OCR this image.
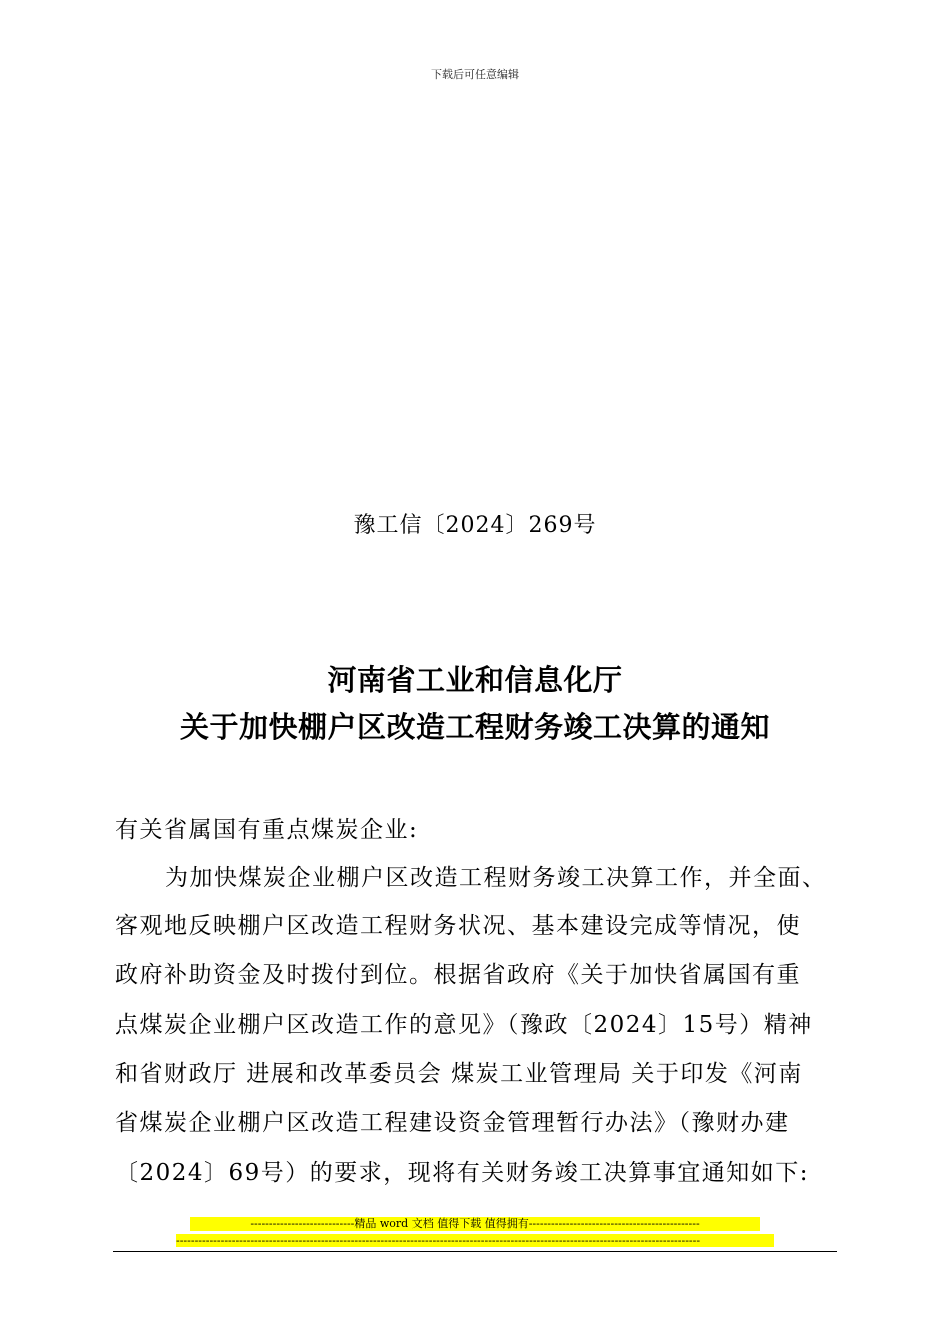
下载后可任意编辑
豫工信〔2024〕269号
河南省工业和信息化厅
关于加快棚户区改造工程财务竣工决算的通知
有关省属国有重点煤炭企业:
为加快煤炭企业棚户区改造工程财务竣工决算工作，并全面、
客观地反映棚户区改造工程财务状况、基本建设完成等情况，使
政府补助资金及时拨付到位。根据省政府《关于加快省属国有重
点煤炭企业棚户区改造工作的意见》（豫政〔2024〕15号）精神
和省财政厅 进展和改革委员会 煤炭工业管理局 关于印发《河南
省煤炭企业棚户区改造工程建设资金管理暂行办法》（豫财办建
〔2024〕69号）的要求，现将有关财务竣工决算事宜通知如下:
----------------------------精品 word 文档 值得下载 值得拥有----------------------------------------------
---------------------------------------------------------------------------------------------------------------------------------------------
